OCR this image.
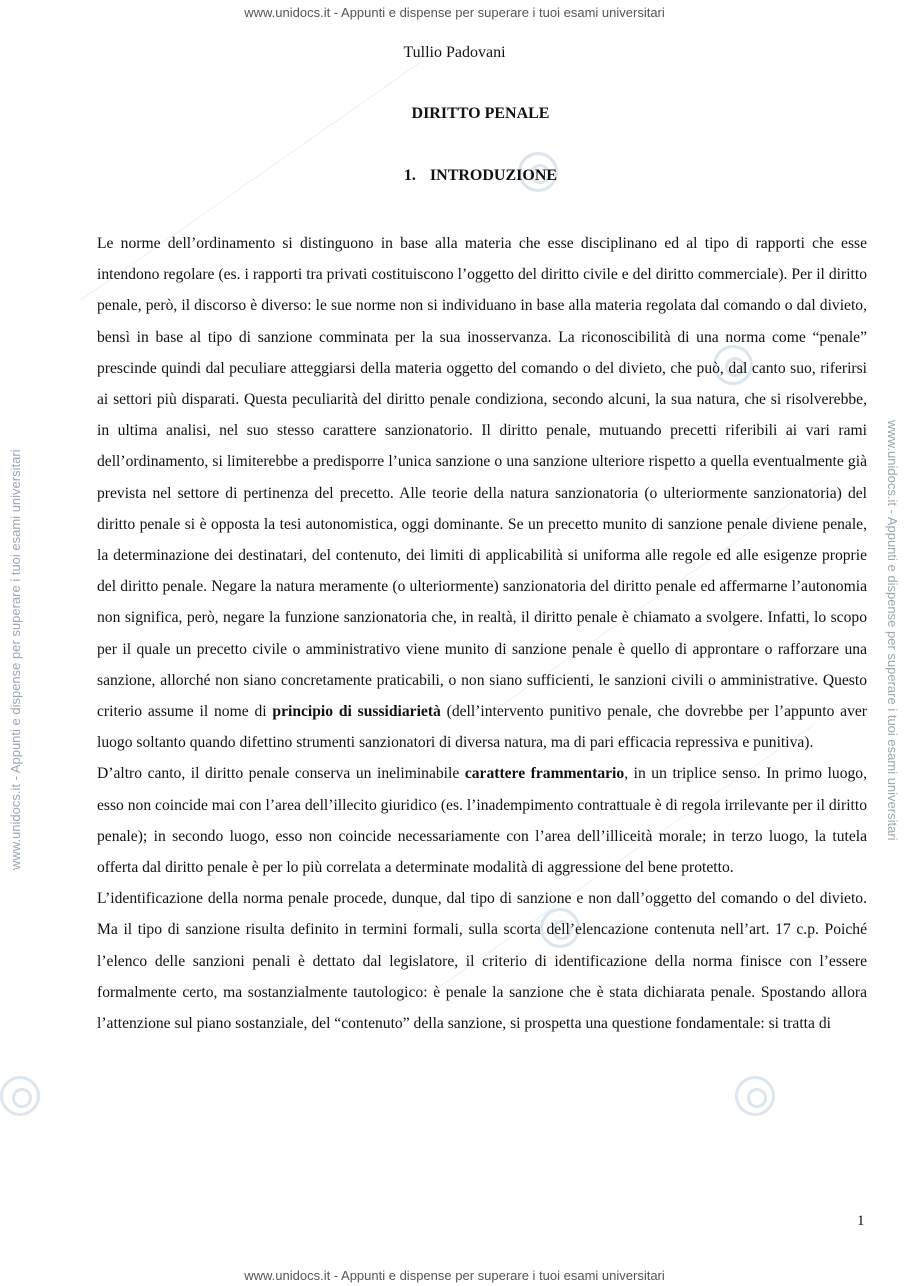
www.unidocs.it - Appunti e dispense per superare i tuoi esami universitari
www.unidocs.it - Appunti e dispense per superare i tuoi esami universitari
www.unidocs.it - Appunti e dispense per superare i tuoi esami universitari	www.unidocs.it - Appunti e dispense per superare i tuoi esami universitari
Tullio Padovani
DIRITTO PENALE
1. INTRODUZIONE

Le norme dell’ordinamento si distinguono in base alla materia che esse disciplinano ed al tipo di rapporti che esse intendono regolare (es. i rapporti tra privati costituiscono l’oggetto del diritto civile e del diritto commerciale). Per il diritto penale, però, il discorso è diverso: le sue norme non si individuano in base alla materia regolata dal comando o dal divieto, bensì in base al tipo di sanzione comminata per la sua inosservanza. La riconoscibilità di una norma come “penale” prescinde quindi dal peculiare atteggiarsi della materia oggetto del comando o del divieto, che può, dal canto suo, riferirsi ai settori più disparati. Questa peculiarità del diritto penale condiziona, secondo alcuni, la sua natura, che si risolverebbe, in ultima analisi, nel suo stesso carattere sanzionatorio. Il diritto penale, mutuando precetti riferibili ai vari rami dell’ordinamento, si limiterebbe a predisporre l’unica sanzione o una sanzione ulteriore rispetto a quella eventualmente già prevista nel settore di pertinenza del precetto. Alle teorie della natura sanzionatoria (o ulteriormente sanzionatoria) del diritto penale si è opposta la tesi autonomistica, oggi dominante. Se un precetto munito di sanzione penale diviene penale, la determinazione dei destinatari, del contenuto, dei limiti di applicabilità si uniforma alle regole ed alle esigenze proprie del diritto penale. Negare la natura meramente (o ulteriormente) sanzionatoria del diritto penale ed affermarne l’autonomia non significa, però, negare la funzione sanzionatoria che, in realtà, il diritto penale è chiamato a svolgere. Infatti, lo scopo per il quale un precetto civile o amministrativo viene munito di sanzione penale è quello di approntare o rafforzare una sanzione, allorché non siano concretamente praticabili, o non siano sufficienti, le sanzioni civili o amministrative. Questo criterio assume il nome di principio di sussidiarietà (dell’intervento punitivo penale, che dovrebbe per l’appunto aver luogo soltanto quando difettino strumenti sanzionatori di diversa natura, ma di pari efficacia repressiva e punitiva).

D’altro canto, il diritto penale conserva un ineliminabile carattere frammentario, in un triplice senso. In primo luogo, esso non coincide mai con l’area dell’illecito giuridico (es. l’inadempimento contrattuale è di regola irrilevante per il diritto penale); in secondo luogo, esso non coincide necessariamente con l’area dell’illiceità morale; in terzo luogo, la tutela offerta dal diritto penale è per lo più correlata a determinate modalità di aggressione del bene protetto.

L’identificazione della norma penale procede, dunque, dal tipo di sanzione e non dall’oggetto del comando o del divieto. Ma il tipo di sanzione risulta definito in termini formali, sulla scorta dell’elencazione contenuta nell’art. 17 c.p. Poiché l’elenco delle sanzioni penali è dettato dal legislatore, il criterio di identificazione della norma finisce con l’essere formalmente certo, ma sostanzialmente tautologico: è penale la sanzione che è stata dichiarata penale. Spostando allora l’attenzione sul piano sostanziale, del “contenuto” della sanzione, si prospetta una questione fondamentale: si tratta di

1
